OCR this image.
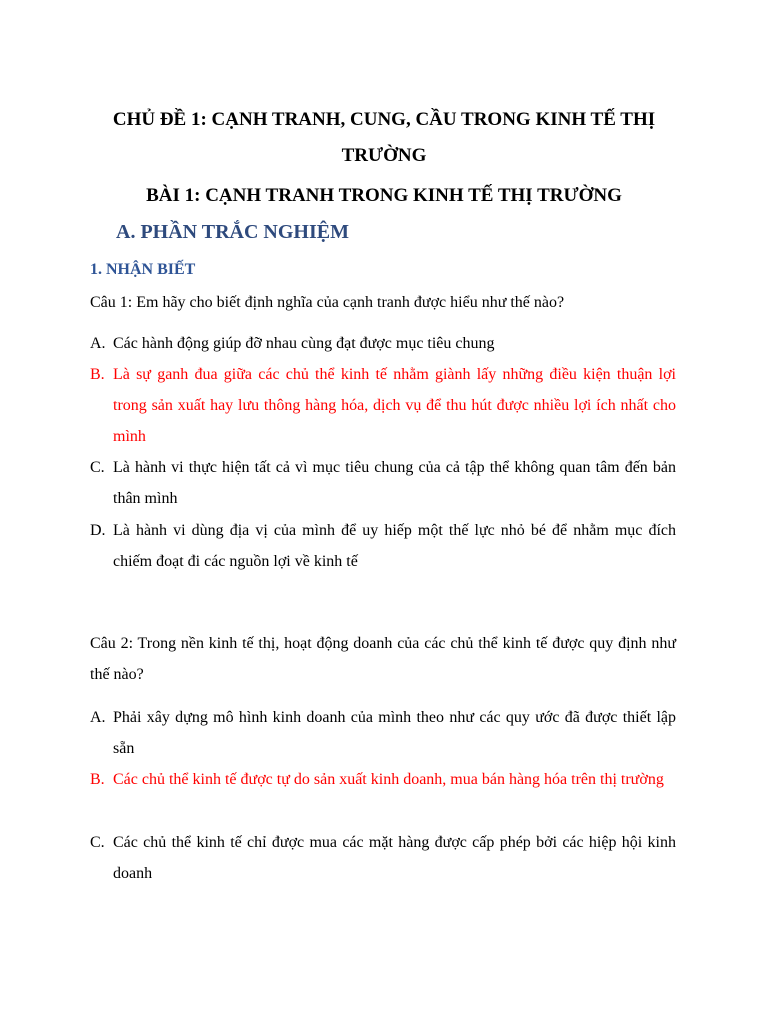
CHỦ ĐỀ 1: CẠNH TRANH, CUNG, CẦU TRONG KINH TẾ THỊ TRƯỜNG
BÀI 1: CẠNH TRANH TRONG KINH TẾ THỊ TRƯỜNG
A. PHẦN TRẮC NGHIỆM
1. NHẬN BIẾT
Câu 1: Em hãy cho biết định nghĩa của cạnh tranh được hiểu như thế nào?
A. Các hành động giúp đỡ nhau cùng đạt được mục tiêu chung
B. Là sự ganh đua giữa các chủ thể kinh tế nhằm giành lấy những điều kiện thuận lợi trong sản xuất hay lưu thông hàng hóa, dịch vụ để thu hút được nhiều lợi ích nhất cho mình
C. Là hành vi thực hiện tất cả vì mục tiêu chung của cả tập thể không quan tâm đến bản thân mình
D. Là hành vi dùng địa vị của mình để uy hiếp một thế lực nhỏ bé để nhằm mục đích chiếm đoạt đi các nguồn lợi về kinh tế
Câu 2: Trong nền kinh tế thị, hoạt động doanh của các chủ thể kinh tế được quy định như thế nào?
A. Phải xây dựng mô hình kinh doanh của mình theo như các quy ước đã được thiết lập sẵn
B. Các chủ thể kinh tế được tự do sản xuất kinh doanh, mua bán hàng hóa trên thị trường
C. Các chủ thể kinh tế chỉ được mua các mặt hàng được cấp phép bởi các hiệp hội kinh doanh
